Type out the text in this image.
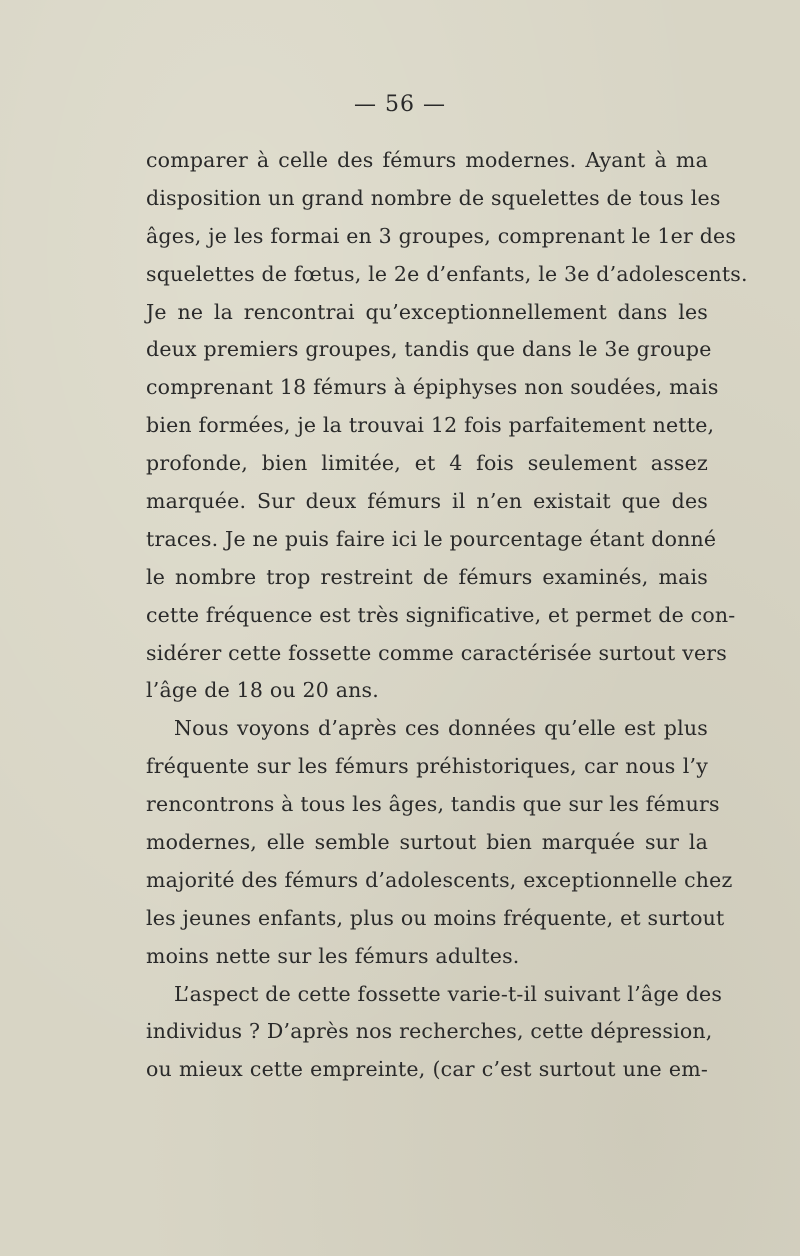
— 56 —
comparer à celle des fémurs modernes. Ayant à ma
disposition un grand nombre de squelettes de tous les
âges, je les formai en 3 groupes, comprenant le 1er des
squelettes de fœtus, le 2e d’enfants, le 3e d’adolescents.
Je ne la rencontrai qu’exceptionnellement dans les
deux premiers groupes, tandis que dans le 3e groupe
comprenant 18 fémurs à épiphyses non soudées, mais
bien formées, je la trouvai 12 fois parfaitement nette,
profonde, bien limitée, et 4 fois seulement assez
marquée. Sur deux fémurs il n’en existait que des
traces. Je ne puis faire ici le pourcentage étant donné
le nombre trop restreint de fémurs examinés, mais
cette fréquence est très significative, et permet de con-
sidérer cette fossette comme caractérisée surtout vers
l’âge de 18 ou 20 ans.
Nous voyons d’après ces données qu’elle est plus
fréquente sur les fémurs préhistoriques, car nous l’y
rencontrons à tous les âges, tandis que sur les fémurs
modernes, elle semble surtout bien marquée sur la
majorité des fémurs d’adolescents, exceptionnelle chez
les jeunes enfants, plus ou moins fréquente, et surtout
moins nette sur les fémurs adultes.
L’aspect de cette fossette varie-t-il suivant l’âge des
individus ? D’après nos recherches, cette dépression,
ou mieux cette empreinte, (car c’est surtout une em-
